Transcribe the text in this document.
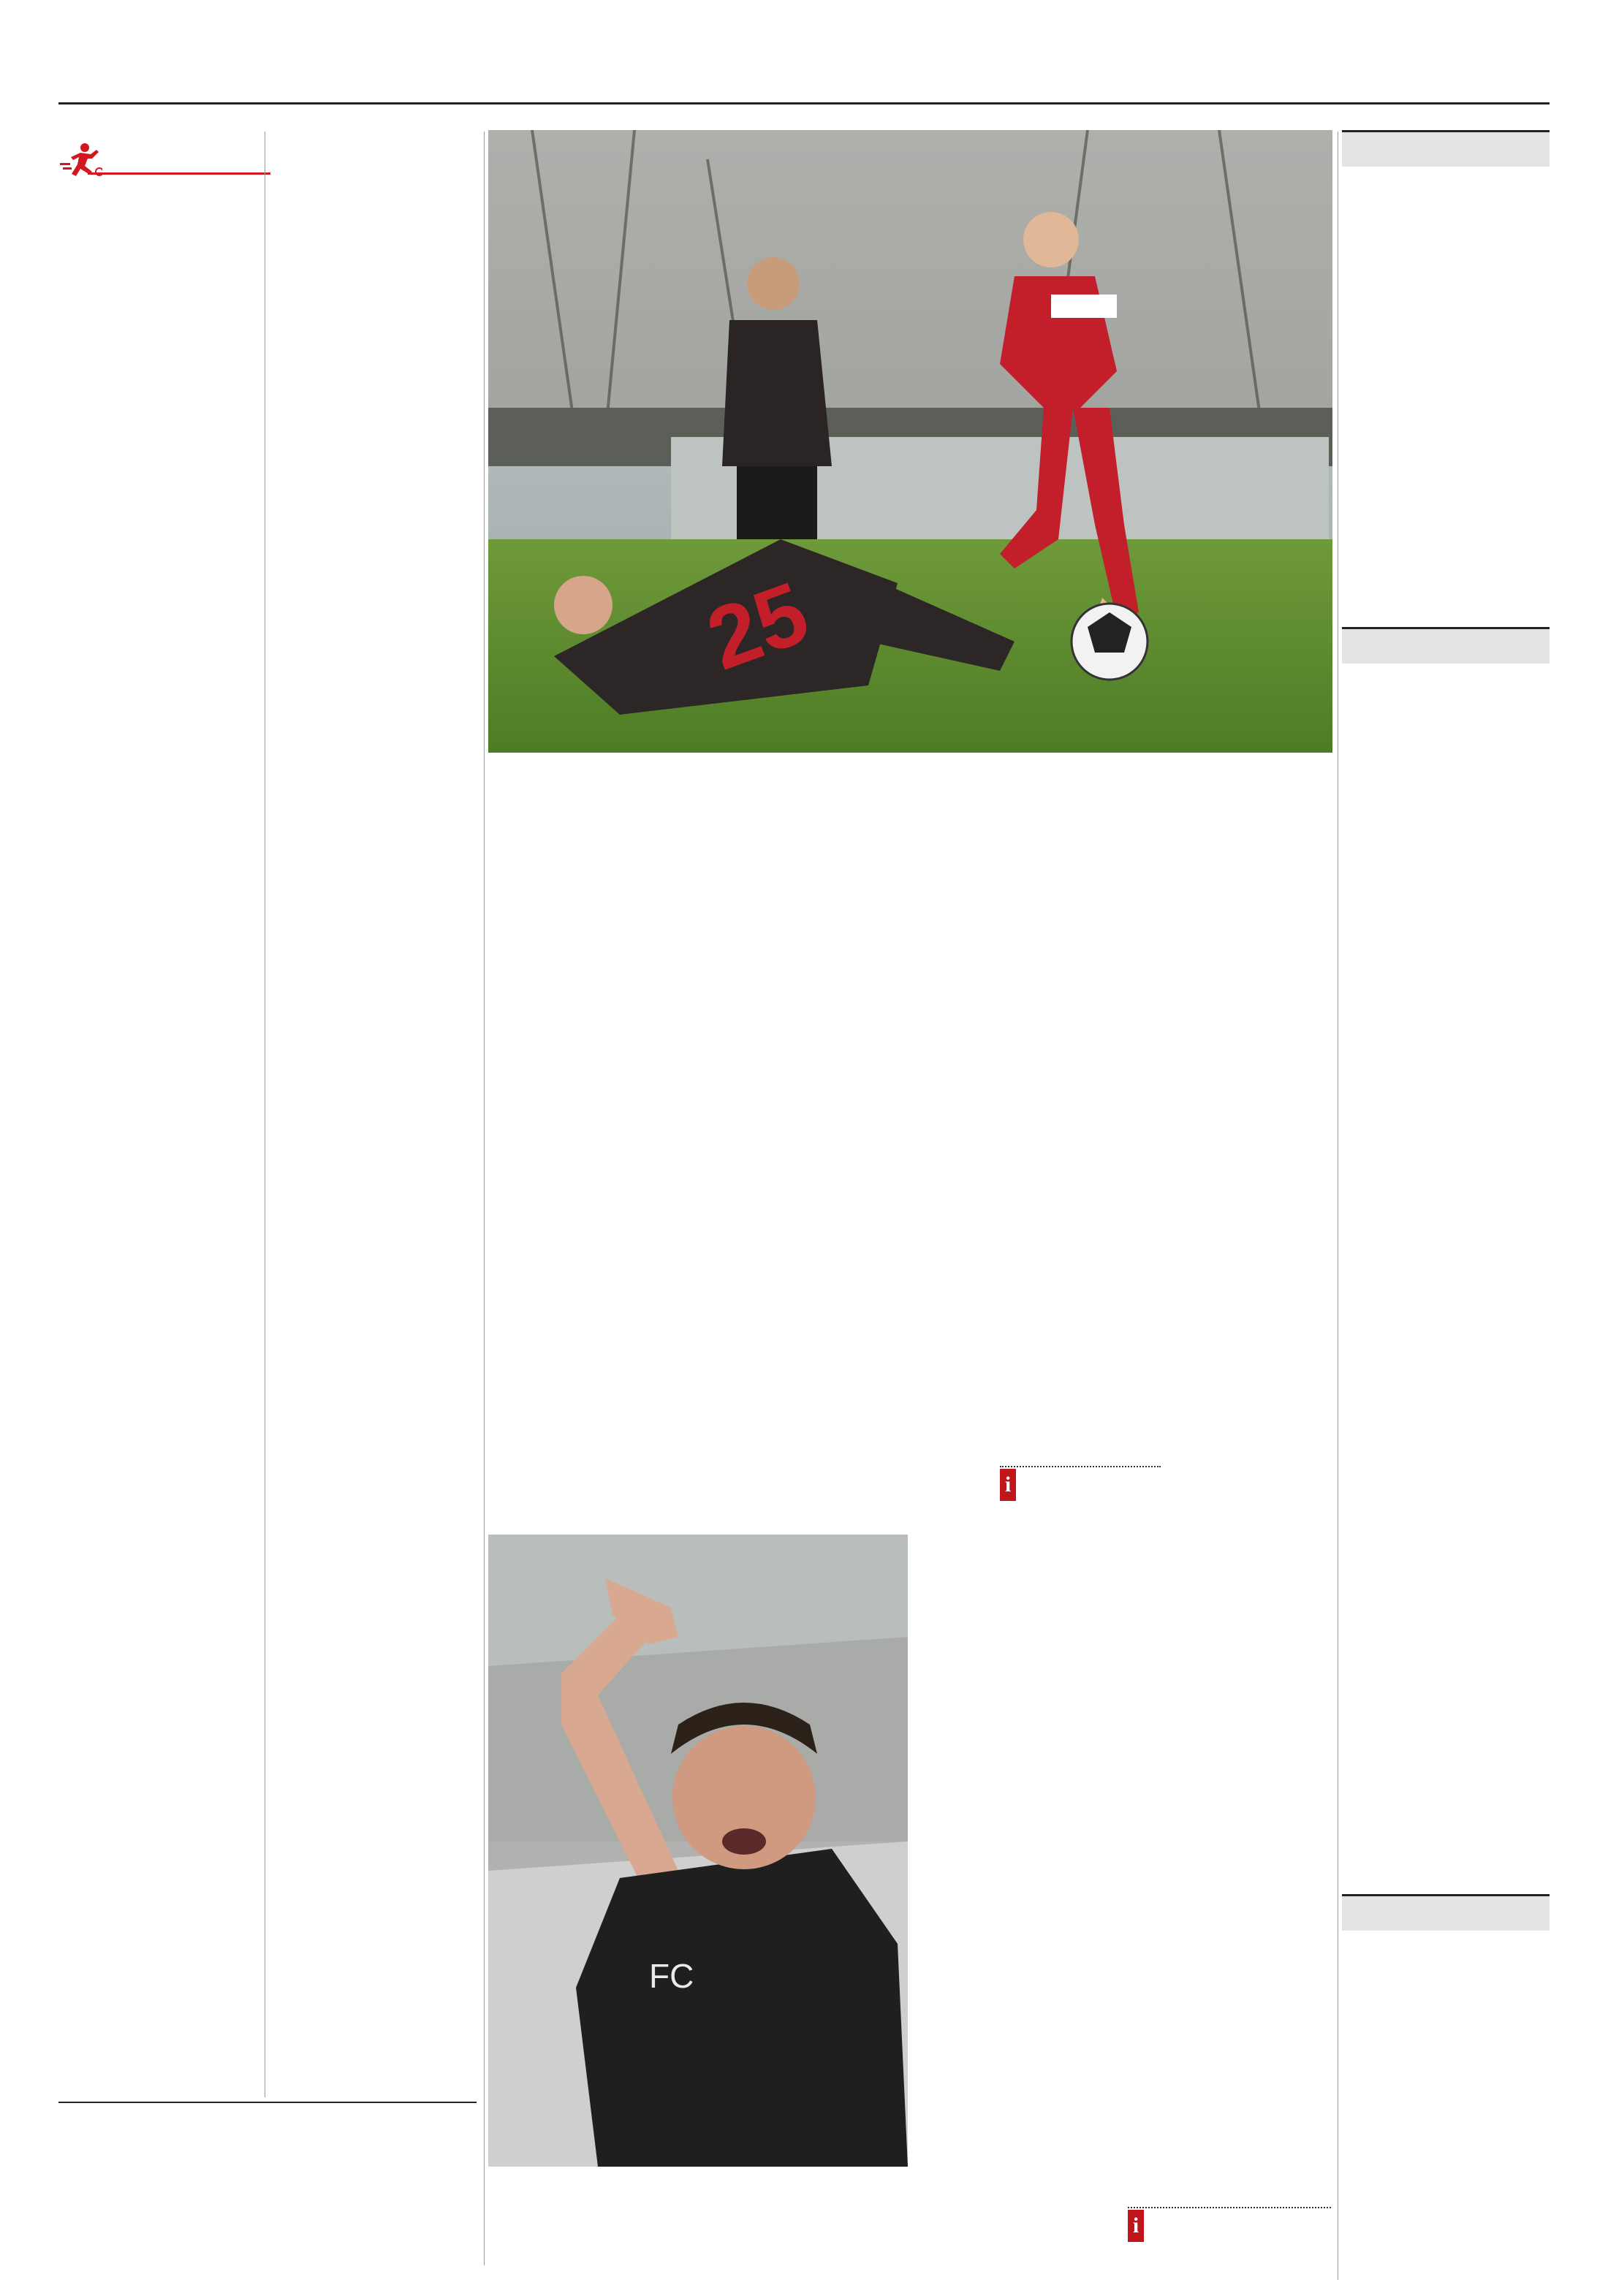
25
i
FC
i
